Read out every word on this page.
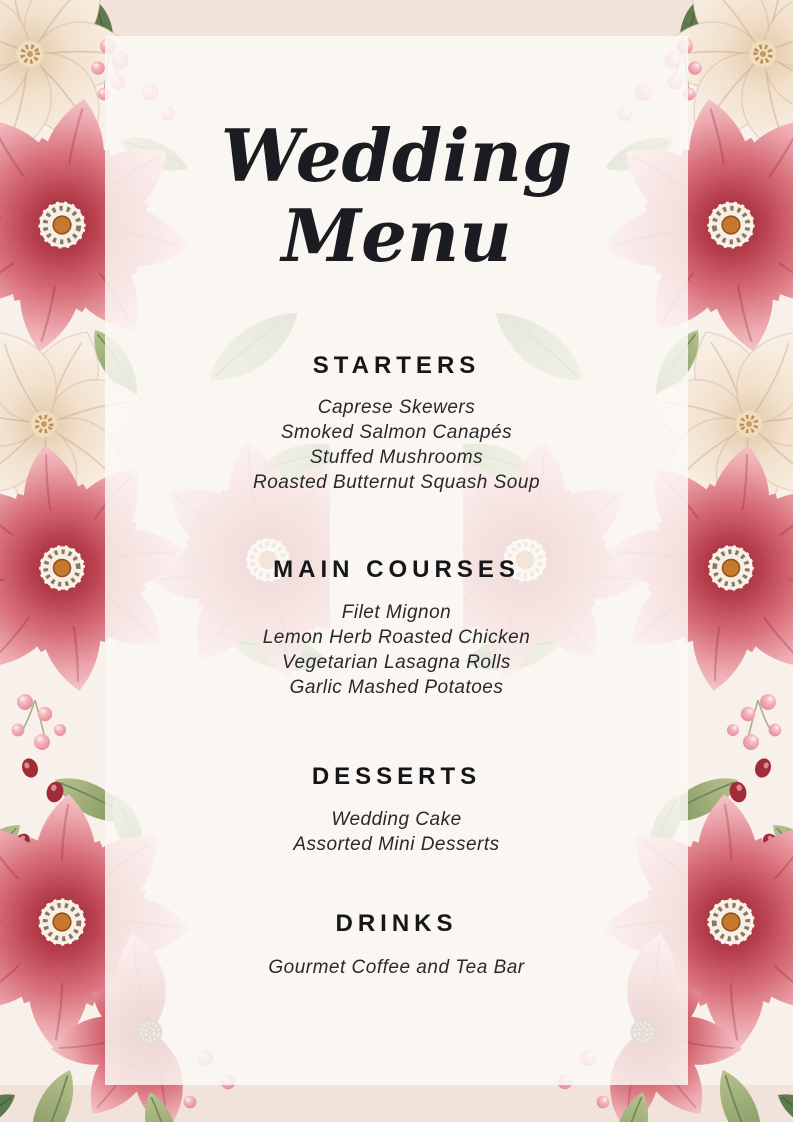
Wedding
Menu
STARTERS
Caprese Skewers
Smoked Salmon Canapés
Stuffed Mushrooms
Roasted Butternut Squash Soup
MAIN COURSES
Filet Mignon
Lemon Herb Roasted Chicken
Vegetarian Lasagna Rolls
Garlic Mashed Potatoes
DESSERTS
Wedding Cake
Assorted Mini Desserts
DRINKS
Gourmet Coffee and Tea Bar
